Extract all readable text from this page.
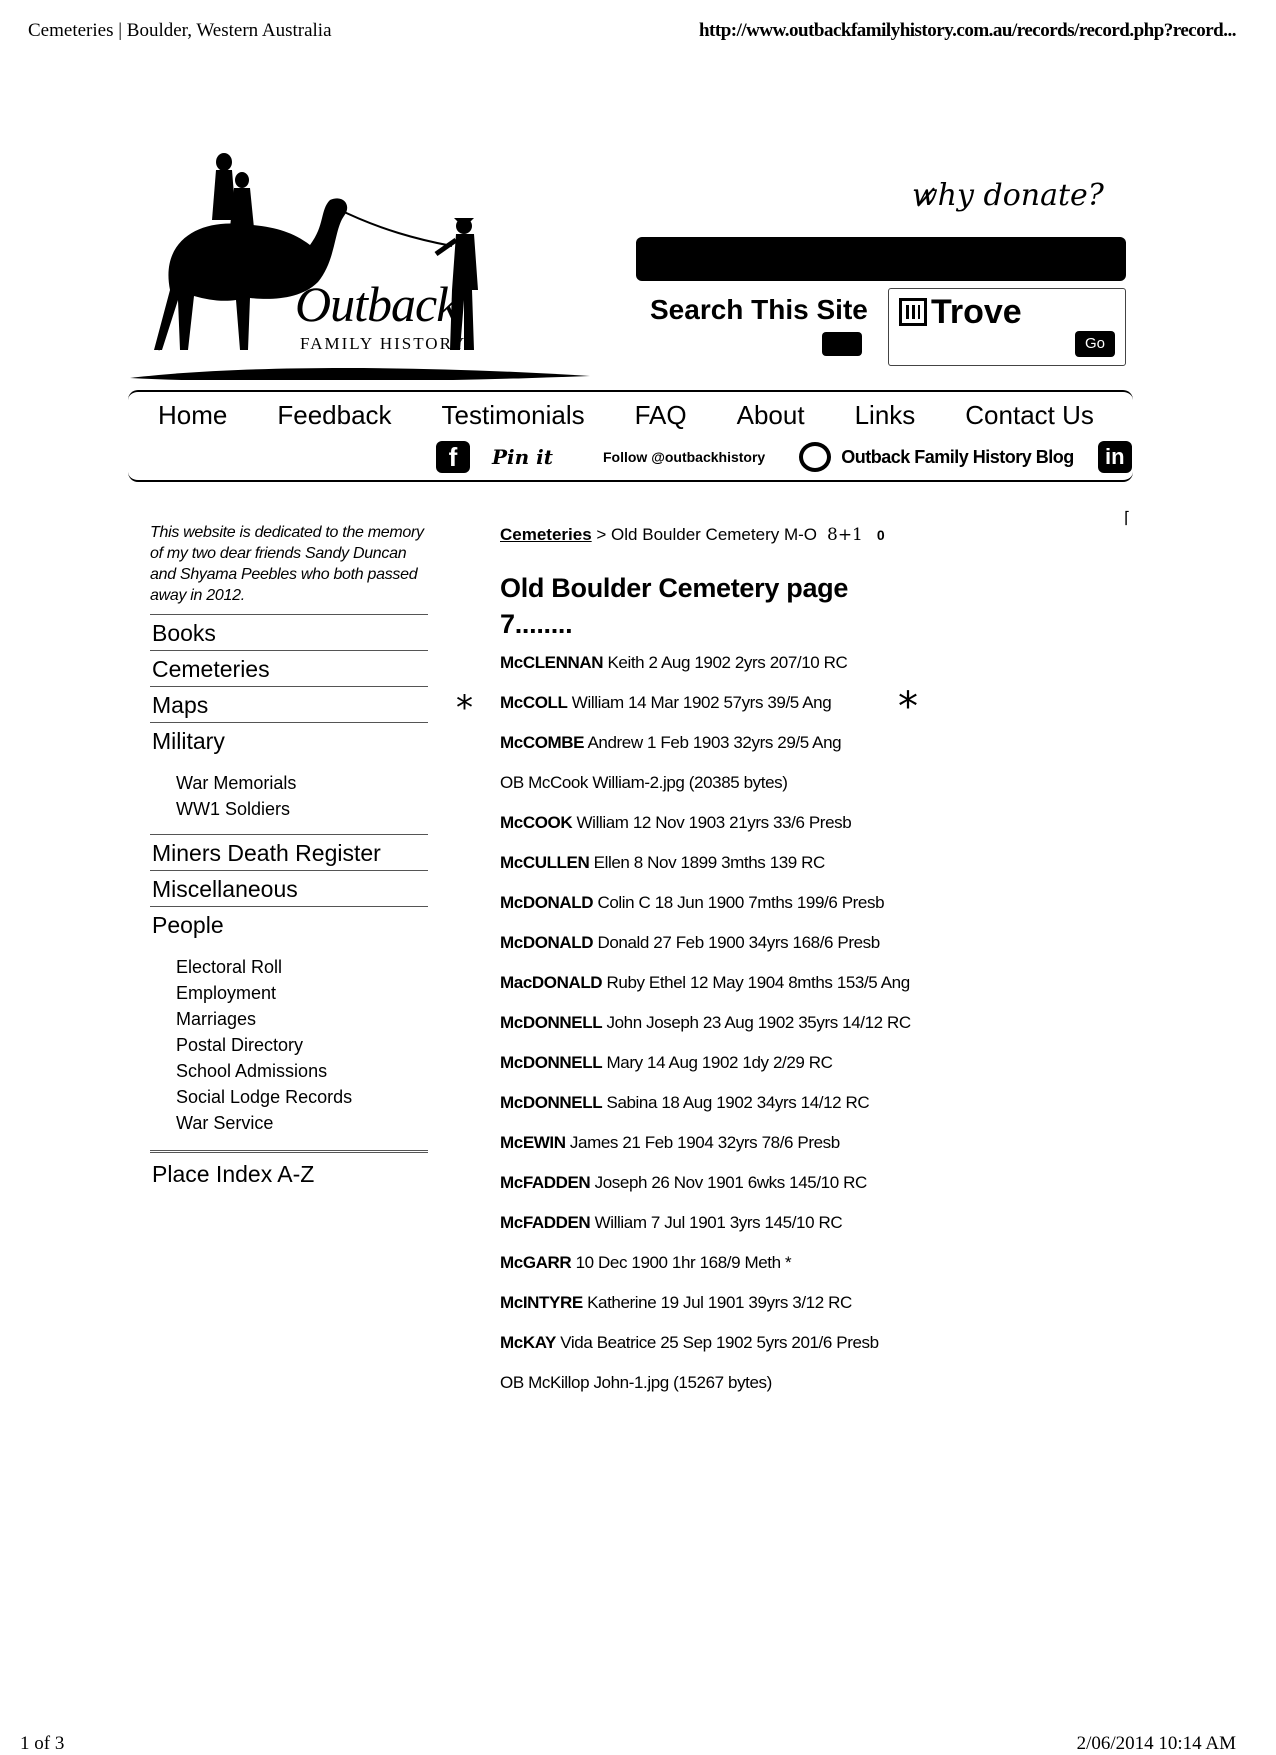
Cemeteries | Boulder, Western Australia	http://www.outbackfamilyhistory.com.au/records/record.php?record...
Outback
FAMILY HISTORY
why donate?
Search This Site	Trove
Go
Home Feedback Testimonials FAQ About Links Contact Us
f	Pin it	Follow @outbackhistory	Outback Family History Blog	in
⌈
This website is dedicated to the memory of my two dear friends Sandy Duncan and Shyama Peebles who both passed away in 2012.
Books
Cemeteries
Maps
Military
War Memorials
WW1 Soldiers
Miners Death Register
Miscellaneous
People
Electoral Roll
Employment
Marriages
Postal Directory
School Admissions
Social Lodge Records
War Service
Place Index A-Z
Cemeteries > Old Boulder Cemetery M-O 8+1 0
Old Boulder Cemetery page 7........
McCLENNAN Keith 2 Aug 1902 2yrs 207/10 RC
McCOLL William 14 Mar 1902 57yrs 39/5 Ang
McCOMBE Andrew 1 Feb 1903 32yrs 29/5 Ang
OB McCook William-2.jpg (20385 bytes)
McCOOK William 12 Nov 1903 21yrs 33/6 Presb
McCULLEN Ellen 8 Nov 1899 3mths 139 RC
McDONALD Colin C 18 Jun 1900 7mths 199/6 Presb
McDONALD Donald 27 Feb 1900 34yrs 168/6 Presb
MacDONALD Ruby Ethel 12 May 1904 8mths 153/5 Ang
McDONNELL John Joseph 23 Aug 1902 35yrs 14/12 RC
McDONNELL Mary 14 Aug 1902 1dy 2/29 RC
McDONNELL Sabina 18 Aug 1902 34yrs 14/12 RC
McEWIN James 21 Feb 1904 32yrs 78/6 Presb
McFADDEN Joseph 26 Nov 1901 6wks 145/10 RC
McFADDEN William 7 Jul 1901 3yrs 145/10 RC
McGARR 10 Dec 1900 1hr 168/9 Meth *
McINTYRE Katherine 19 Jul 1901 39yrs 3/12 RC
McKAY Vida Beatrice 25 Sep 1902 5yrs 201/6 Presb
OB McKillop John-1.jpg (15267 bytes)
*	*
1 of 3	2/06/2014 10:14 AM
